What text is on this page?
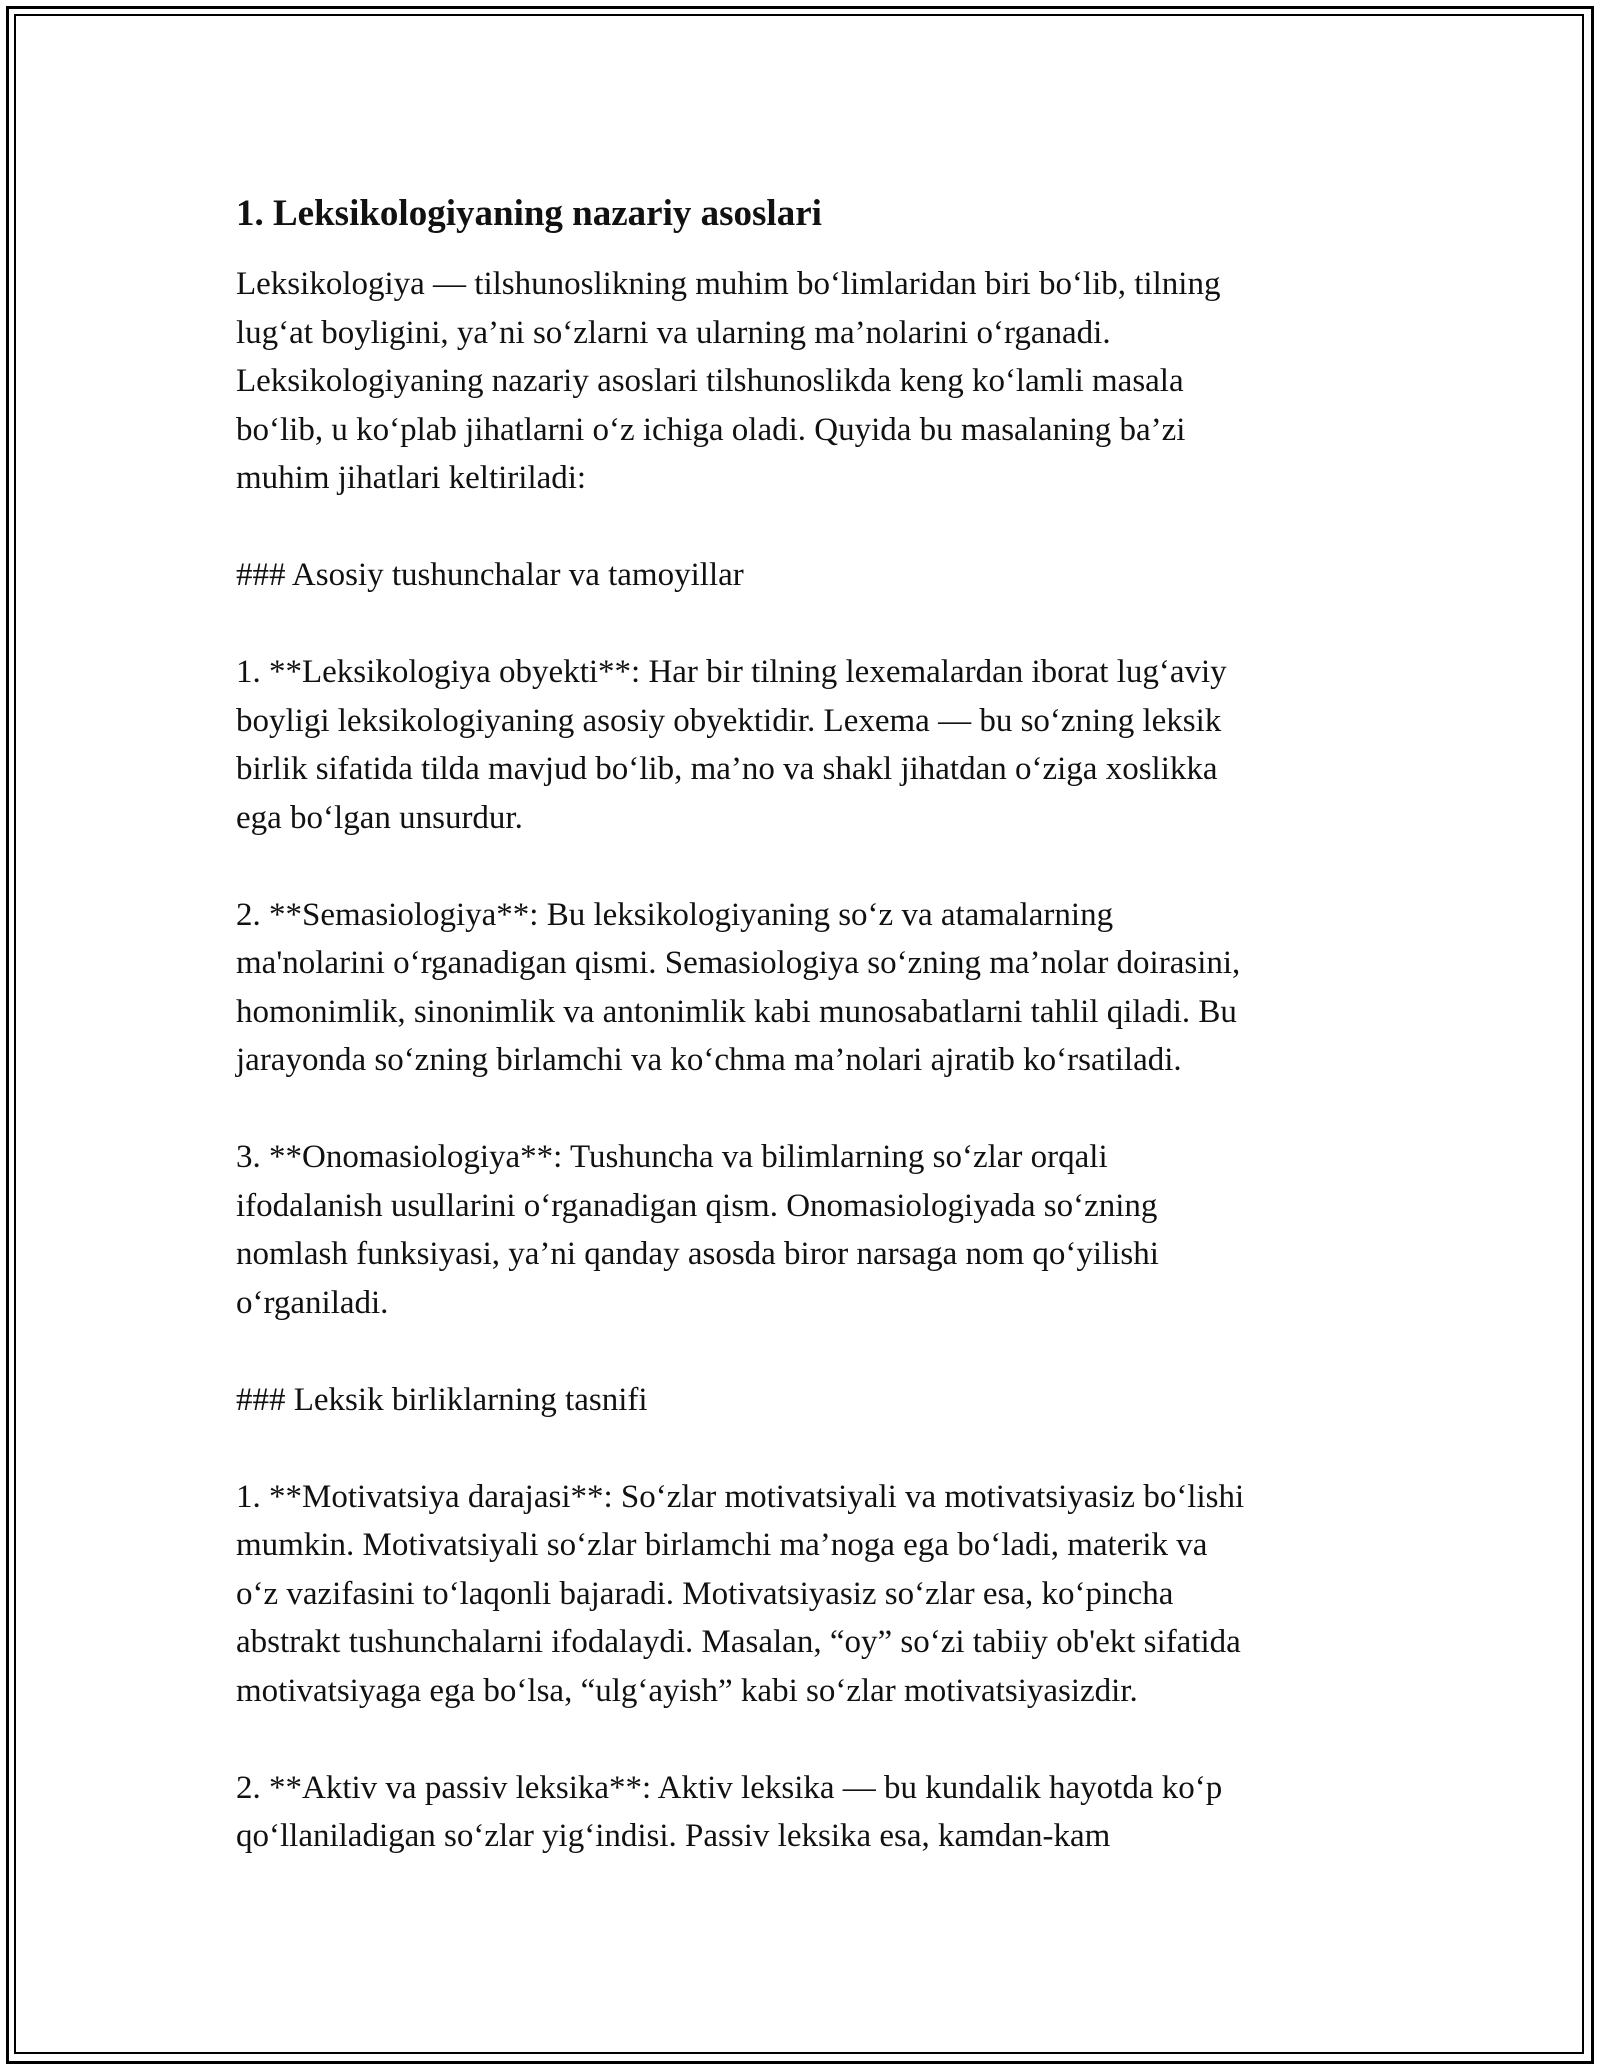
1. Leksikologiyaning nazariy asoslari

Leksikologiya — tilshunoslikning muhim bo‘limlaridan biri bo‘lib, tilning
lug‘at boyligini, ya’ni so‘zlarni va ularning ma’nolarini o‘rganadi.
Leksikologiyaning nazariy asoslari tilshunoslikda keng ko‘lamli masala
bo‘lib, u ko‘plab jihatlarni o‘z ichiga oladi. Quyida bu masalaning ba’zi
muhim jihatlari keltiriladi:

### Asosiy tushunchalar va tamoyillar

1. **Leksikologiya obyekti**: Har bir tilning lexemalardan iborat lug‘aviy
boyligi leksikologiyaning asosiy obyektidir. Lexema — bu so‘zning leksik
birlik sifatida tilda mavjud bo‘lib, ma’no va shakl jihatdan o‘ziga xoslikka
ega bo‘lgan unsurdur.

2. **Semasiologiya**: Bu leksikologiyaning so‘z va atamalarning
ma'nolarini o‘rganadigan qismi. Semasiologiya so‘zning ma’nolar doirasini,
homonimlik, sinonimlik va antonimlik kabi munosabatlarni tahlil qiladi. Bu
jarayonda so‘zning birlamchi va ko‘chma ma’nolari ajratib ko‘rsatiladi.

3. **Onomasiologiya**: Tushuncha va bilimlarning so‘zlar orqali
ifodalanish usullarini o‘rganadigan qism. Onomasiologiyada so‘zning
nomlash funksiyasi, ya’ni qanday asosda biror narsaga nom qo‘yilishi
o‘rganiladi.

### Leksik birliklarning tasnifi

1. **Motivatsiya darajasi**: So‘zlar motivatsiyali va motivatsiyasiz bo‘lishi
mumkin. Motivatsiyali so‘zlar birlamchi ma’noga ega bo‘ladi, materik va
o‘z vazifasini to‘laqonli bajaradi. Motivatsiyasiz so‘zlar esa, ko‘pincha
abstrakt tushunchalarni ifodalaydi. Masalan, “oy” so‘zi tabiiy ob'ekt sifatida
motivatsiyaga ega bo‘lsa, “ulg‘ayish” kabi so‘zlar motivatsiyasizdir.

2. **Aktiv va passiv leksika**: Aktiv leksika — bu kundalik hayotda ko‘p
qo‘llaniladigan so‘zlar yig‘indisi. Passiv leksika esa, kamdan-kam
